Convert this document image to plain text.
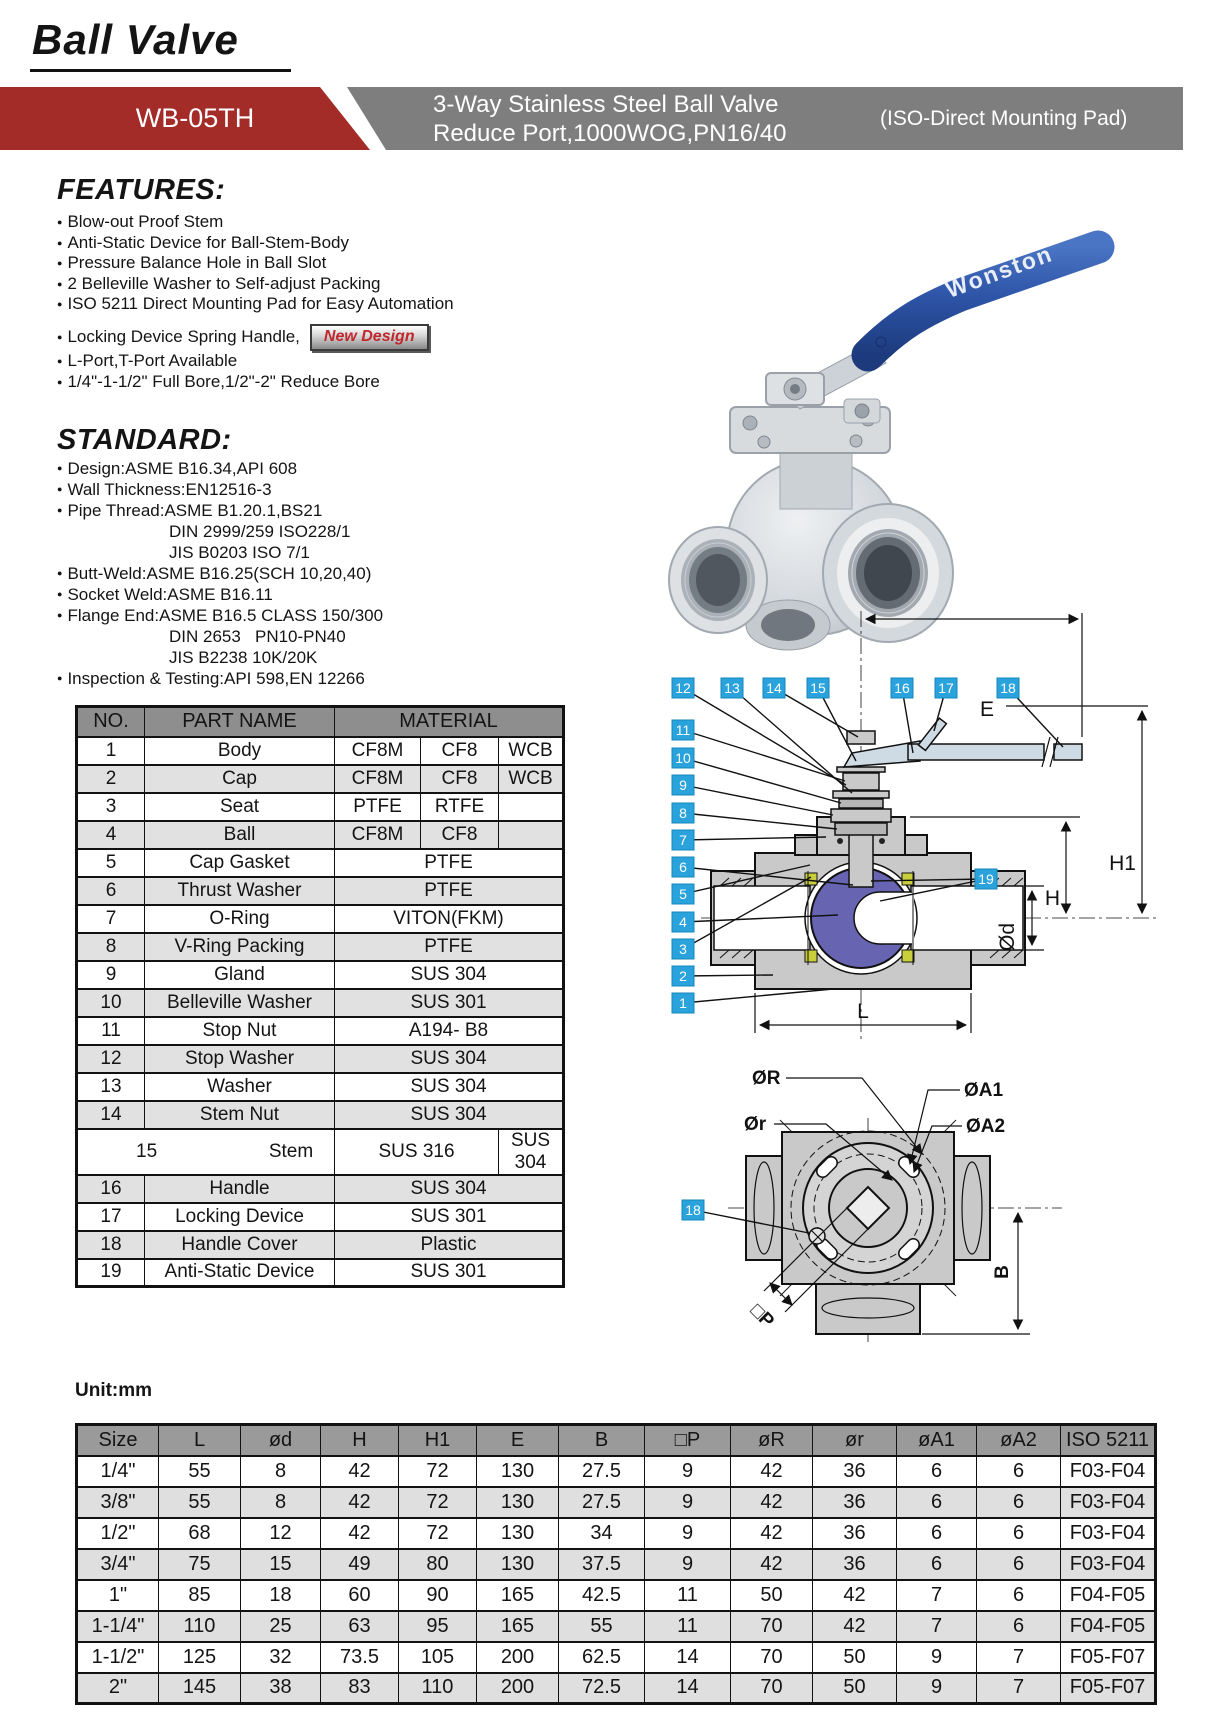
Ball Valve
WB-05TH	3-Way Stainless Steel Ball Valve
Reduce Port,1000WOG,PN16/40
(ISO-Direct Mounting Pad)
FEATURES:
● Blow-out Proof Stem
● Anti-Static Device for Ball-Stem-Body
● Pressure Balance Hole in Ball Slot
● 2 Belleville Washer to Self-adjust Packing
● ISO 5211 Direct Mounting Pad for Easy Automation
● Locking Device Spring Handle,	New Design
● L-Port,T-Port Available
● 1/4"-1-1/2" Full Bore,1/2"-2" Reduce Bore
STANDARD:
● Design:ASME B16.34,API 608
● Wall Thickness:EN12516-3
● Pipe Thread:ASME B1.20.1,BS21
DIN 2999/259 ISO228/1
JIS B0203 ISO 7/1
● Butt-Weld:ASME B16.25(SCH 10,20,40)
● Socket Weld:ASME B16.11
● Flange End:ASME B16.5 CLASS 150/300
DIN 2653   PN10-PN40
JIS B2238 10K/20K
● Inspection & Testing:API 598,EN 12266
NO.	PART NAME	MATERIAL		
1	Body	CF8M	CF8	WCB
2	Cap	CF8M	CF8	WCB
3	Seat	PTFE	RTFE	
4	Ball	CF8M	CF8	
5	Cap Gasket	PTFE		
6	Thrust Washer	PTFE		
7	O-Ring	VITON(FKM)		
8	V-Ring Packing	PTFE		
9	Gland	SUS 304		
10	Belleville Washer	SUS 301		
11	Stop Nut	A194- B8		
12	Stop Washer	SUS 304		
13	Washer	SUS 304		
14	Stem Nut	SUS 304		

15 Stem		SUS 316		SUS 304
16	Handle	SUS 304		
17	Locking Device	SUS 301		
18	Handle Cover	Plastic		
19	Anti-Static Device	SUS 301		
Wonston
E
H1
H
Ød
L
12 13 14 15	16 17	18
11
10
9
8
7
6
5
4
3
2
1
19
ØR
Ør
ØA1
ØA2
B
□P
18
Unit:mm
Size	L	ød	H	H1	E	B	□P	øR	ør	øA1	øA2	ISO 5211
1/4"	55	8	42	72	130	27.5	9	42	36	6	6	F03-F04
3/8"	55	8	42	72	130	27.5	9	42	36	6	6	F03-F04
1/2"	68	12	42	72	130	34	9	42	36	6	6	F03-F04
3/4"	75	15	49	80	130	37.5	9	42	36	6	6	F03-F04
1"	85	18	60	90	165	42.5	11	50	42	7	6	F04-F05
1-1/4"	110	25	63	95	165	55	11	70	42	7	6	F04-F05
1-1/2"	125	32	73.5	105	200	62.5	14	70	50	9	7	F05-F07
2"	145	38	83	110	200	72.5	14	70	50	9	7	F05-F07
